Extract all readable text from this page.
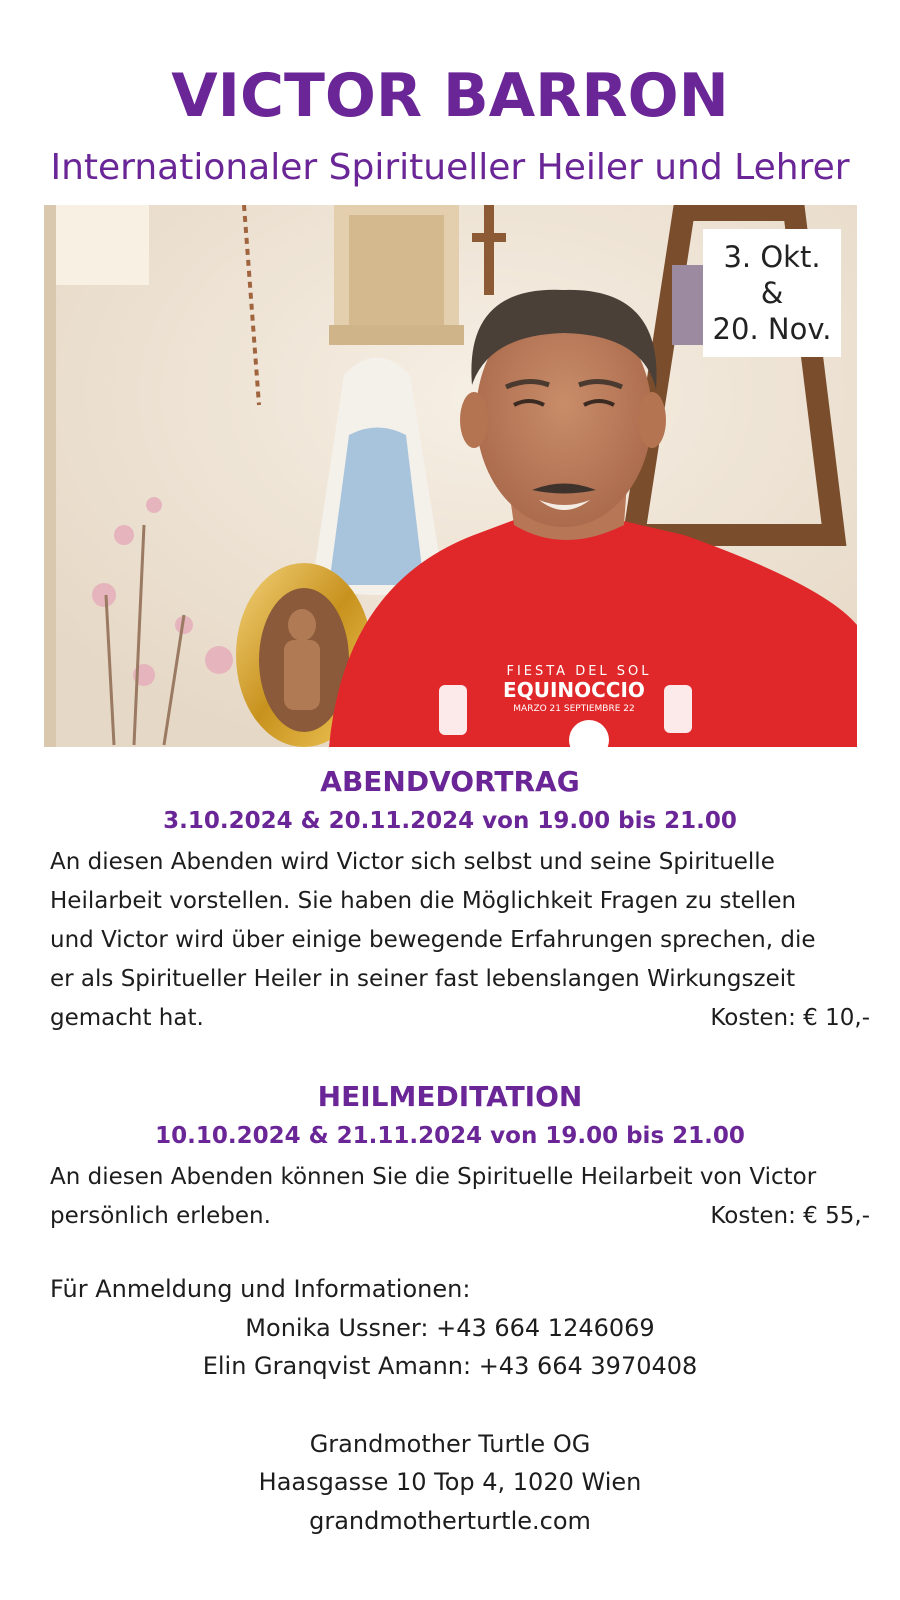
VICTOR BARRON
Internationaler Spiritueller Heiler und Lehrer
FIESTA DEL SOL
EQUINOCCIO
MARZO 21 SEPTIEMBRE 22
3. Okt.
&
20. Nov.
ABENDVORTRAG
3.10.2024 & 20.11.2024 von 19.00 bis 21.00
An diesen Abenden wird Victor sich selbst und seine Spirituelle
Heilarbeit vorstellen. Sie haben die Möglichkeit Fragen zu stellen
und Victor wird über einige bewegende Erfahrungen sprechen, die
er als Spiritueller Heiler in seiner fast lebenslangen Wirkungszeit
gemacht hat.	Kosten: € 10,-
HEILMEDITATION
10.10.2024 & 21.11.2024 von 19.00 bis 21.00
An diesen Abenden können Sie die Spirituelle Heilarbeit von Victor
persönlich erleben.	Kosten: € 55,-
Für Anmeldung und Informationen:
Monika Ussner: +43 664 1246069
Elin Granqvist Amann: +43 664 3970408
Grandmother Turtle OG
Haasgasse 10 Top 4, 1020 Wien
grandmotherturtle.com
